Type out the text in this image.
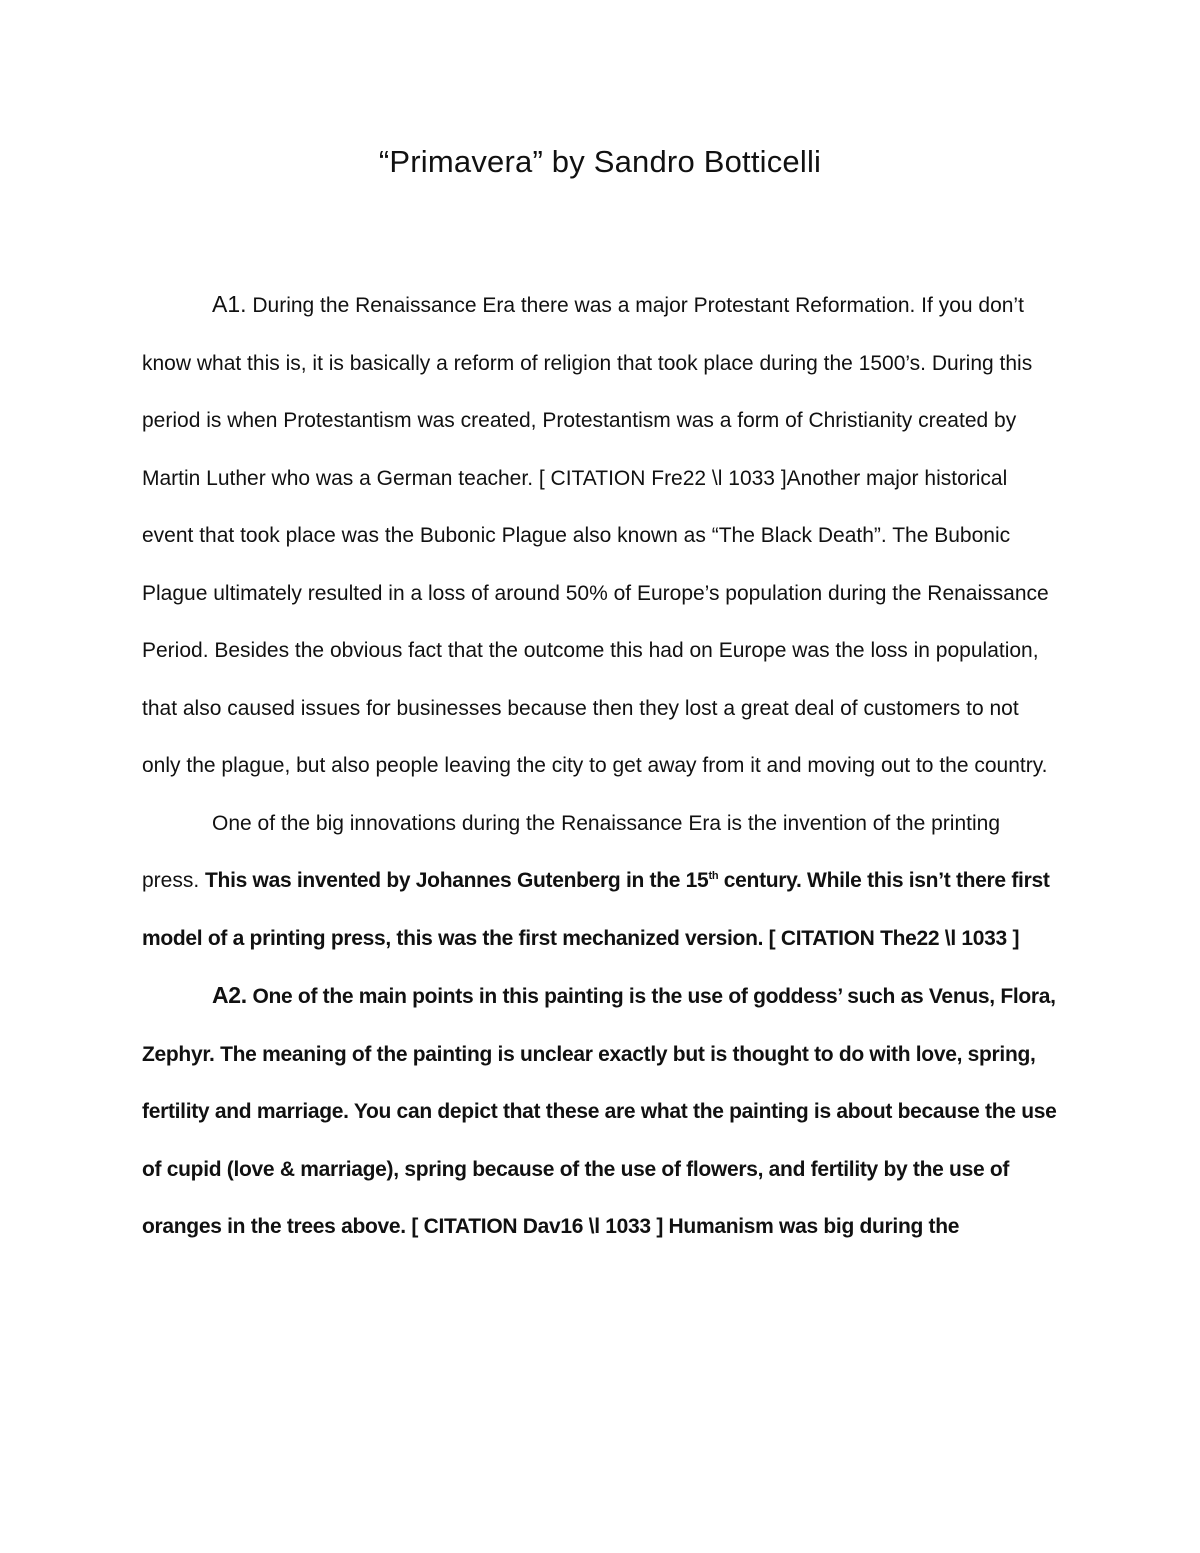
“Primavera” by Sandro Botticelli

A1. During the Renaissance Era there was a major Protestant Reformation. If you don’t know what this is, it is basically a reform of religion that took place during the 1500’s. During this period is when Protestantism was created, Protestantism was a form of Christianity created by Martin Luther who was a German teacher. [ CITATION Fre22 \l 1033 ]Another major historical event that took place was the Bubonic Plague also known as “The Black Death”. The Bubonic Plague ultimately resulted in a loss of around 50% of Europe’s population during the Renaissance Period. Besides the obvious fact that the outcome this had on Europe was the loss in population, that also caused issues for businesses because then they lost a great deal of customers to not only the plague, but also people leaving the city to get away from it and moving out to the country.

One of the big innovations during the Renaissance Era is the invention of the printing press. This was invented by Johannes Gutenberg in the 15th century. While this isn’t there first model of a printing press, this was the first mechanized version. [ CITATION The22 \l 1033 ]

A2. One of the main points in this painting is the use of goddess’ such as Venus, Flora, Zephyr. The meaning of the painting is unclear exactly but is thought to do with love, spring, fertility and marriage. You can depict that these are what the painting is about because the use of cupid (love & marriage), spring because of the use of flowers, and fertility by the use of oranges in the trees above. [ CITATION Dav16 \l 1033 ] Humanism was big during the
